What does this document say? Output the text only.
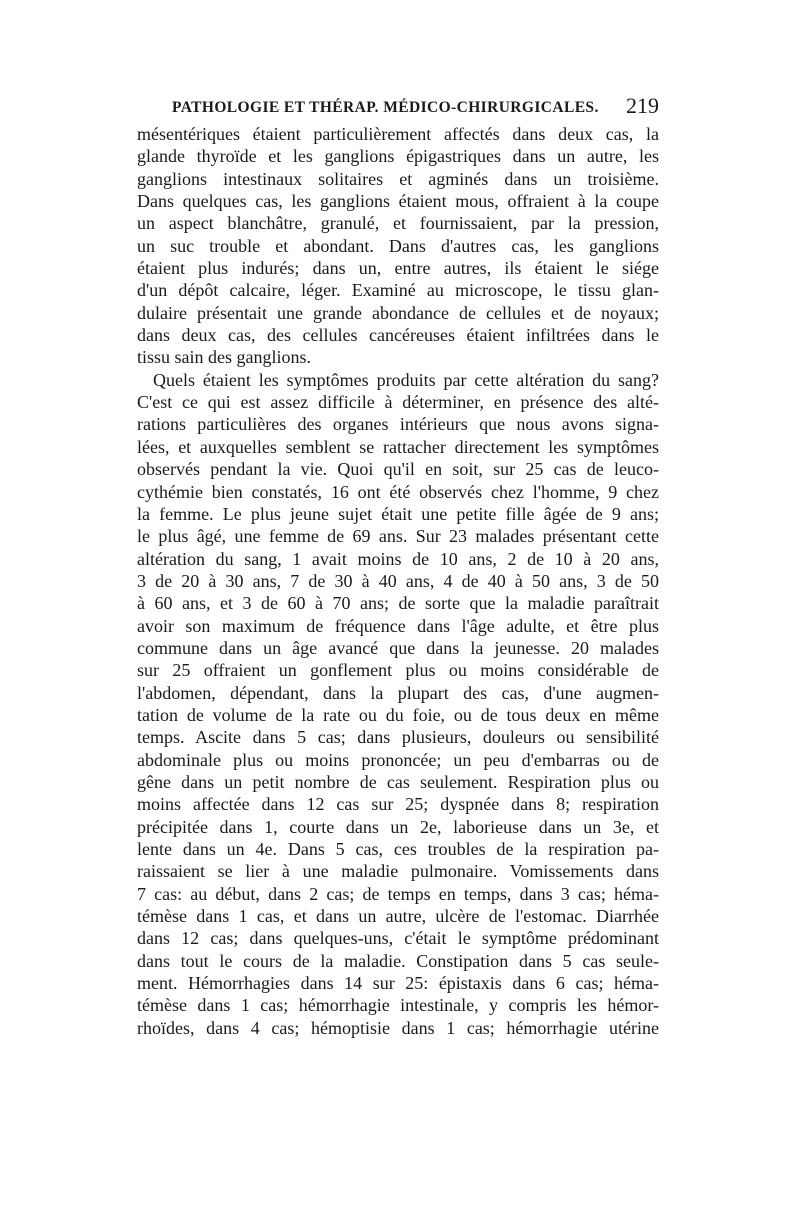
PATHOLOGIE ET THÉRAP. MÉDICO-CHIRURGICALES. 219
mésentériques étaient particulièrement affectés dans deux cas, la
glande thyroïde et les ganglions épigastriques dans un autre, les
ganglions intestinaux solitaires et agminés dans un troisième.
Dans quelques cas, les ganglions étaient mous, offraient à la coupe
un aspect blanchâtre, granulé, et fournissaient, par la pression,
un suc trouble et abondant. Dans d'autres cas, les ganglions
étaient plus indurés; dans un, entre autres, ils étaient le siége
d'un dépôt calcaire, léger. Examiné au microscope, le tissu glan-
dulaire présentait une grande abondance de cellules et de noyaux;
dans deux cas, des cellules cancéreuses étaient infiltrées dans le
tissu sain des ganglions.
Quels étaient les symptômes produits par cette altération du sang?
C'est ce qui est assez difficile à déterminer, en présence des alté-
rations particulières des organes intérieurs que nous avons signa-
lées, et auxquelles semblent se rattacher directement les symptômes
observés pendant la vie. Quoi qu'il en soit, sur 25 cas de leuco-
cythémie bien constatés, 16 ont été observés chez l'homme, 9 chez
la femme. Le plus jeune sujet était une petite fille âgée de 9 ans;
le plus âgé, une femme de 69 ans. Sur 23 malades présentant cette
altération du sang, 1 avait moins de 10 ans, 2 de 10 à 20 ans,
3 de 20 à 30 ans, 7 de 30 à 40 ans, 4 de 40 à 50 ans, 3 de 50
à 60 ans, et 3 de 60 à 70 ans; de sorte que la maladie paraîtrait
avoir son maximum de fréquence dans l'âge adulte, et être plus
commune dans un âge avancé que dans la jeunesse. 20 malades
sur 25 offraient un gonflement plus ou moins considérable de
l'abdomen, dépendant, dans la plupart des cas, d'une augmen-
tation de volume de la rate ou du foie, ou de tous deux en même
temps. Ascite dans 5 cas; dans plusieurs, douleurs ou sensibilité
abdominale plus ou moins prononcée; un peu d'embarras ou de
gêne dans un petit nombre de cas seulement. Respiration plus ou
moins affectée dans 12 cas sur 25; dyspnée dans 8; respiration
précipitée dans 1, courte dans un 2e, laborieuse dans un 3e, et
lente dans un 4e. Dans 5 cas, ces troubles de la respiration pa-
raissaient se lier à une maladie pulmonaire. Vomissements dans
7 cas: au début, dans 2 cas; de temps en temps, dans 3 cas; héma-
témèse dans 1 cas, et dans un autre, ulcère de l'estomac. Diarrhée
dans 12 cas; dans quelques-uns, c'était le symptôme prédominant
dans tout le cours de la maladie. Constipation dans 5 cas seule-
ment. Hémorrhagies dans 14 sur 25: épistaxis dans 6 cas; héma-
témèse dans 1 cas; hémorrhagie intestinale, y compris les hémor-
rhoïdes, dans 4 cas; hémoptisie dans 1 cas; hémorrhagie utérine
